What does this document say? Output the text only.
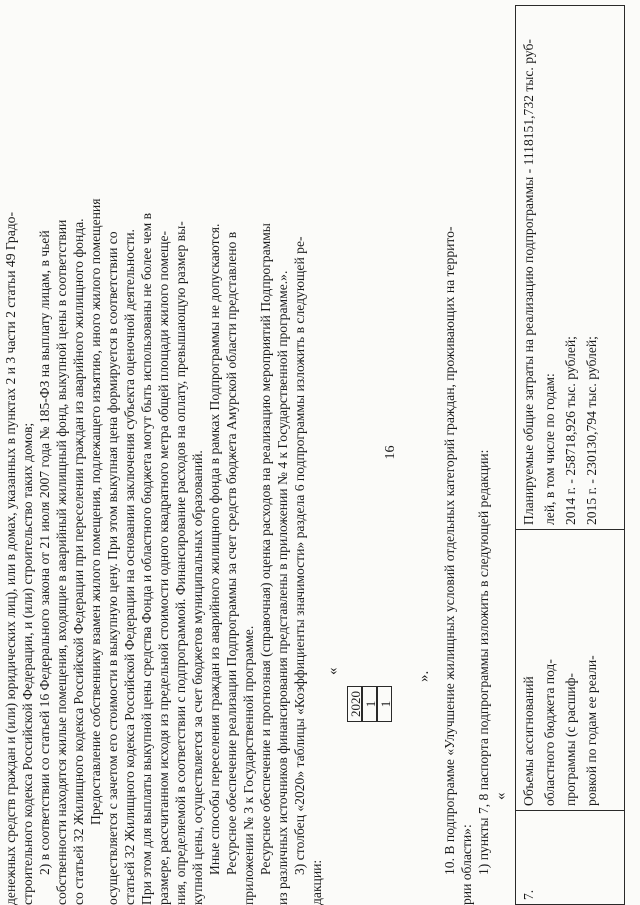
16
денежных средств граждан и (или) юридических лиц), или в домах, указанных в пунктах 2 и 3 части 2 статьи 49 Градо- строительного кодекса Российской Федерации, и (или) строительство таких домов; 2) в соответствии со статьей 16 Федерального закона от 21 июля 2007 года № 185-ФЗ на выплату лицам, в чьей собственности находятся жилые помещения, входящие в аварийный жилищный фонд, выкупной цены в соответствии со статьей 32 Жилищного кодекса Российской Федерации при переселении граждан из аварийного жилищного фонда. Предоставление собственнику взамен жилого помещения, подлежащего изъятию, иного жилого помещения осуществляется с зачетом его стоимости в выкупную цену. При этом выкупная цена формируется в соответствии со статьей 32 Жилищного кодекса Российской Федерации на основании заключения субъекта оценочной деятельности. При этом для выплаты выкупной цены средства Фонда и областного бюджета могут быть использованы не более чем в размере, рассчитанном исходя из предельной стоимости одного квадратного метра общей площади жилого помеще- ния, определяемой в соответствии с подпрограммой. Финансирование расходов на оплату, превышающую размер вы- купной цены, осуществляется за счет бюджетов муниципальных образований. Иные способы переселения граждан из аварийного жилищного фонда в рамках Подпрограммы не допускаются. Ресурсное обеспечение реализации Подпрограммы за счет средств бюджета Амурской области представлено в приложении № 3 к Государственной программе. Ресурсное обеспечение и прогнозная (справочная) оценка расходов на реализацию мероприятий Подпрограммы из различных источников финансирования представлены в приложении № 4 к Государственной программе.». 3) столбец «2020» таблицы «Коэффициенты значимости» раздела 6 подпрограммы изложить в следующей ре-
дакции:
«
2020 1 1
». 10. В подпрограмме «Улучшение жилищных условий отдельных категорий граждан, проживающих на террито- рии области»: 1) пункты 7, 8 паспорта подпрограммы изложить в следующей редакции: «
7.
Объемы ассигнований областного бюджета под- программы (с расшиф- ровкой по годам ее реали-
Планируемые общие затраты на реализацию подпрограммы - 1118151,732 тыс. руб- лей, в том числе по годам: 2014 г. - 258718,926 тыс. рублей; 2015 г. - 230130,794 тыс. рублей;
